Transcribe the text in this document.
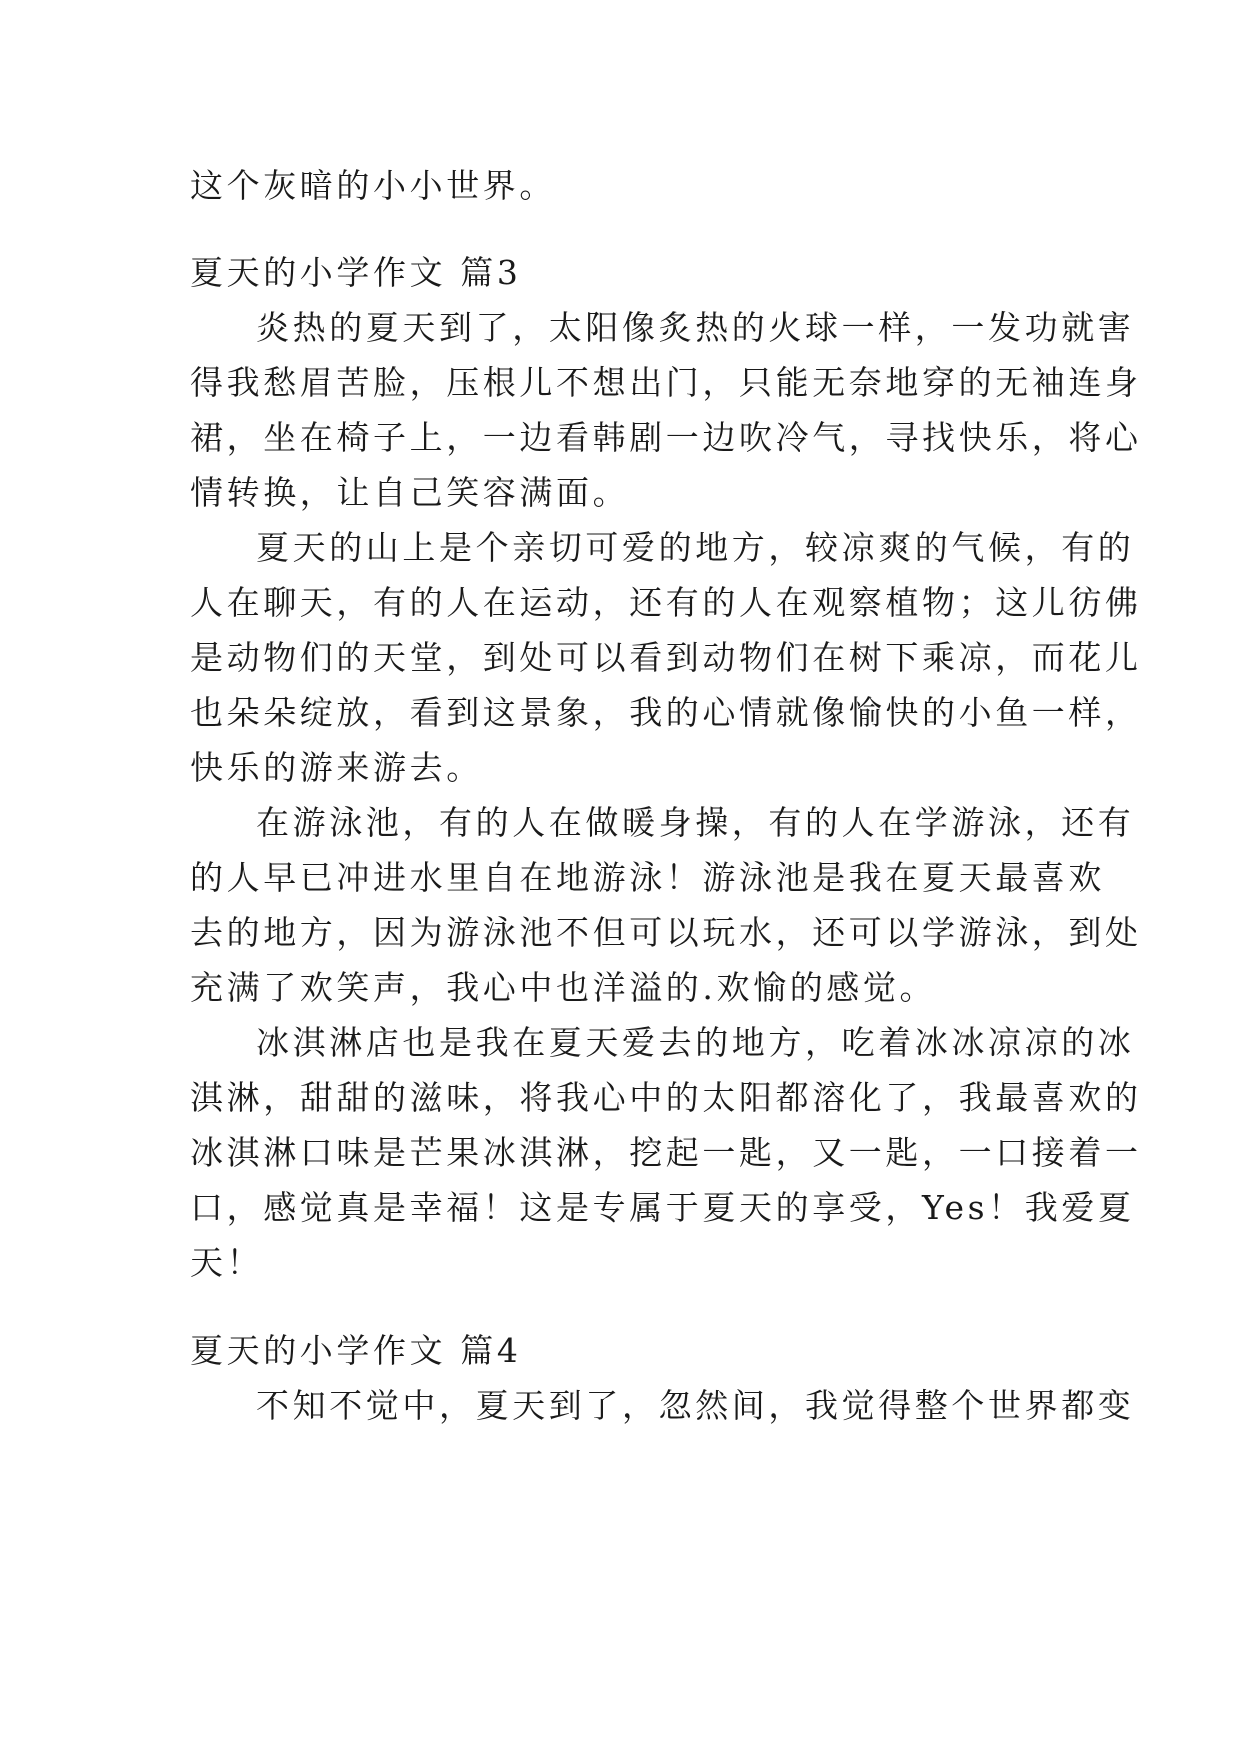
这个灰暗的小小世界。
夏天的小学作文 篇3
炎热的夏天到了，太阳像炙热的火球一样，一发功就害
得我愁眉苦脸，压根儿不想出门，只能无奈地穿的无袖连身
裙，坐在椅子上，一边看韩剧一边吹冷气，寻找快乐，将心
情转换，让自己笑容满面。
夏天的山上是个亲切可爱的地方，较凉爽的气候，有的
人在聊天，有的人在运动，还有的人在观察植物；这儿彷佛
是动物们的天堂，到处可以看到动物们在树下乘凉，而花儿
也朵朵绽放，看到这景象，我的心情就像愉快的小鱼一样，
快乐的游来游去。
在游泳池，有的人在做暖身操，有的人在学游泳，还有
的人早已冲进水里自在地游泳！游泳池是我在夏天最喜欢
去的地方，因为游泳池不但可以玩水，还可以学游泳，到处
充满了欢笑声，我心中也洋溢的.欢愉的感觉。
冰淇淋店也是我在夏天爱去的地方，吃着冰冰凉凉的冰
淇淋，甜甜的滋味，将我心中的太阳都溶化了，我最喜欢的
冰淇淋口味是芒果冰淇淋，挖起一匙，又一匙，一口接着一
口，感觉真是幸福！这是专属于夏天的享受，Yes！我爱夏
天！
夏天的小学作文 篇4
不知不觉中，夏天到了，忽然间，我觉得整个世界都变
